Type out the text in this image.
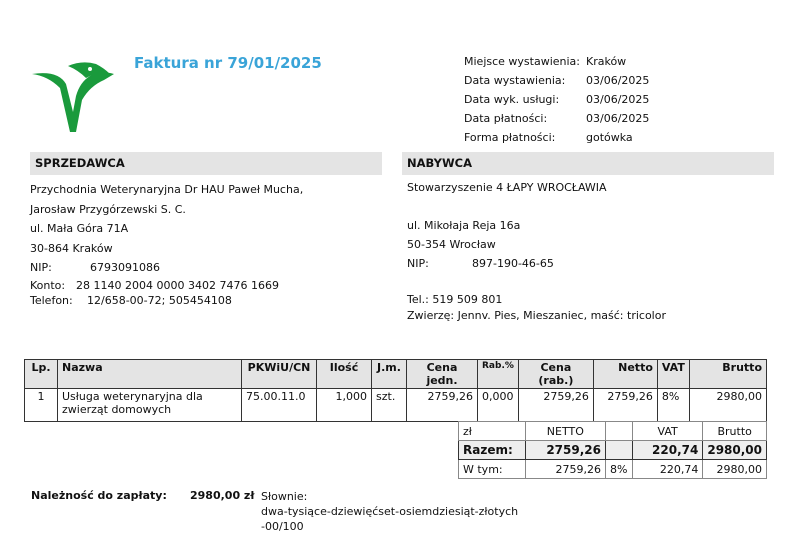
Faktura nr 79/01/2025	Miejsce wystawienia: Kraków
Data wystawienia: 03/06/2025
Data wyk. usługi: 03/06/2025
Data płatności:	03/06/2025
Forma płatności:	gotówka
SPRZEDAWCA	NABYWCA
Przychodnia Weterynaryjna Dr HAU Paweł Mucha,
Jarosław Przygórzewski S. C.
ul. Mała Góra 71A
30-864 Kraków
NIP:	6793091086
Konto: 28 1140 2004 0000 3402 7476 1669
Telefon: 12/658-00-72; 505454108
Stowarzyszenie 4 ŁAPY WROCŁAWIA
ul. Mikołaja Reja 16a
50-354 Wrocław
NIP:	897-190-46-65
Tel.: 519 509 801
Zwierzę: Jennv. Pies, Mieszaniec, maść: tricolor
Lp.	Nazwa	PKWiU/CN	Ilość	J.m.	Cena jedn.	Rab.%	Cena (rab.)	Netto	VAT	Brutto
1	Usługa weterynaryjna dla zwierząt domowych	75.00.11.0	1,000	szt.	2759,26	0,000	2759,26	2759,26	8%	2980,00
zł	NETTO		VAT	Brutto
Razem:	2759,26		220,74	2980,00
W tym:	2759,26	8%	220,74	2980,00
Należność do zapłaty: 2980,00 zł Słownie:
dwa-tysiące-dziewięćset-osiemdziesiąt-złotych
-00/100
